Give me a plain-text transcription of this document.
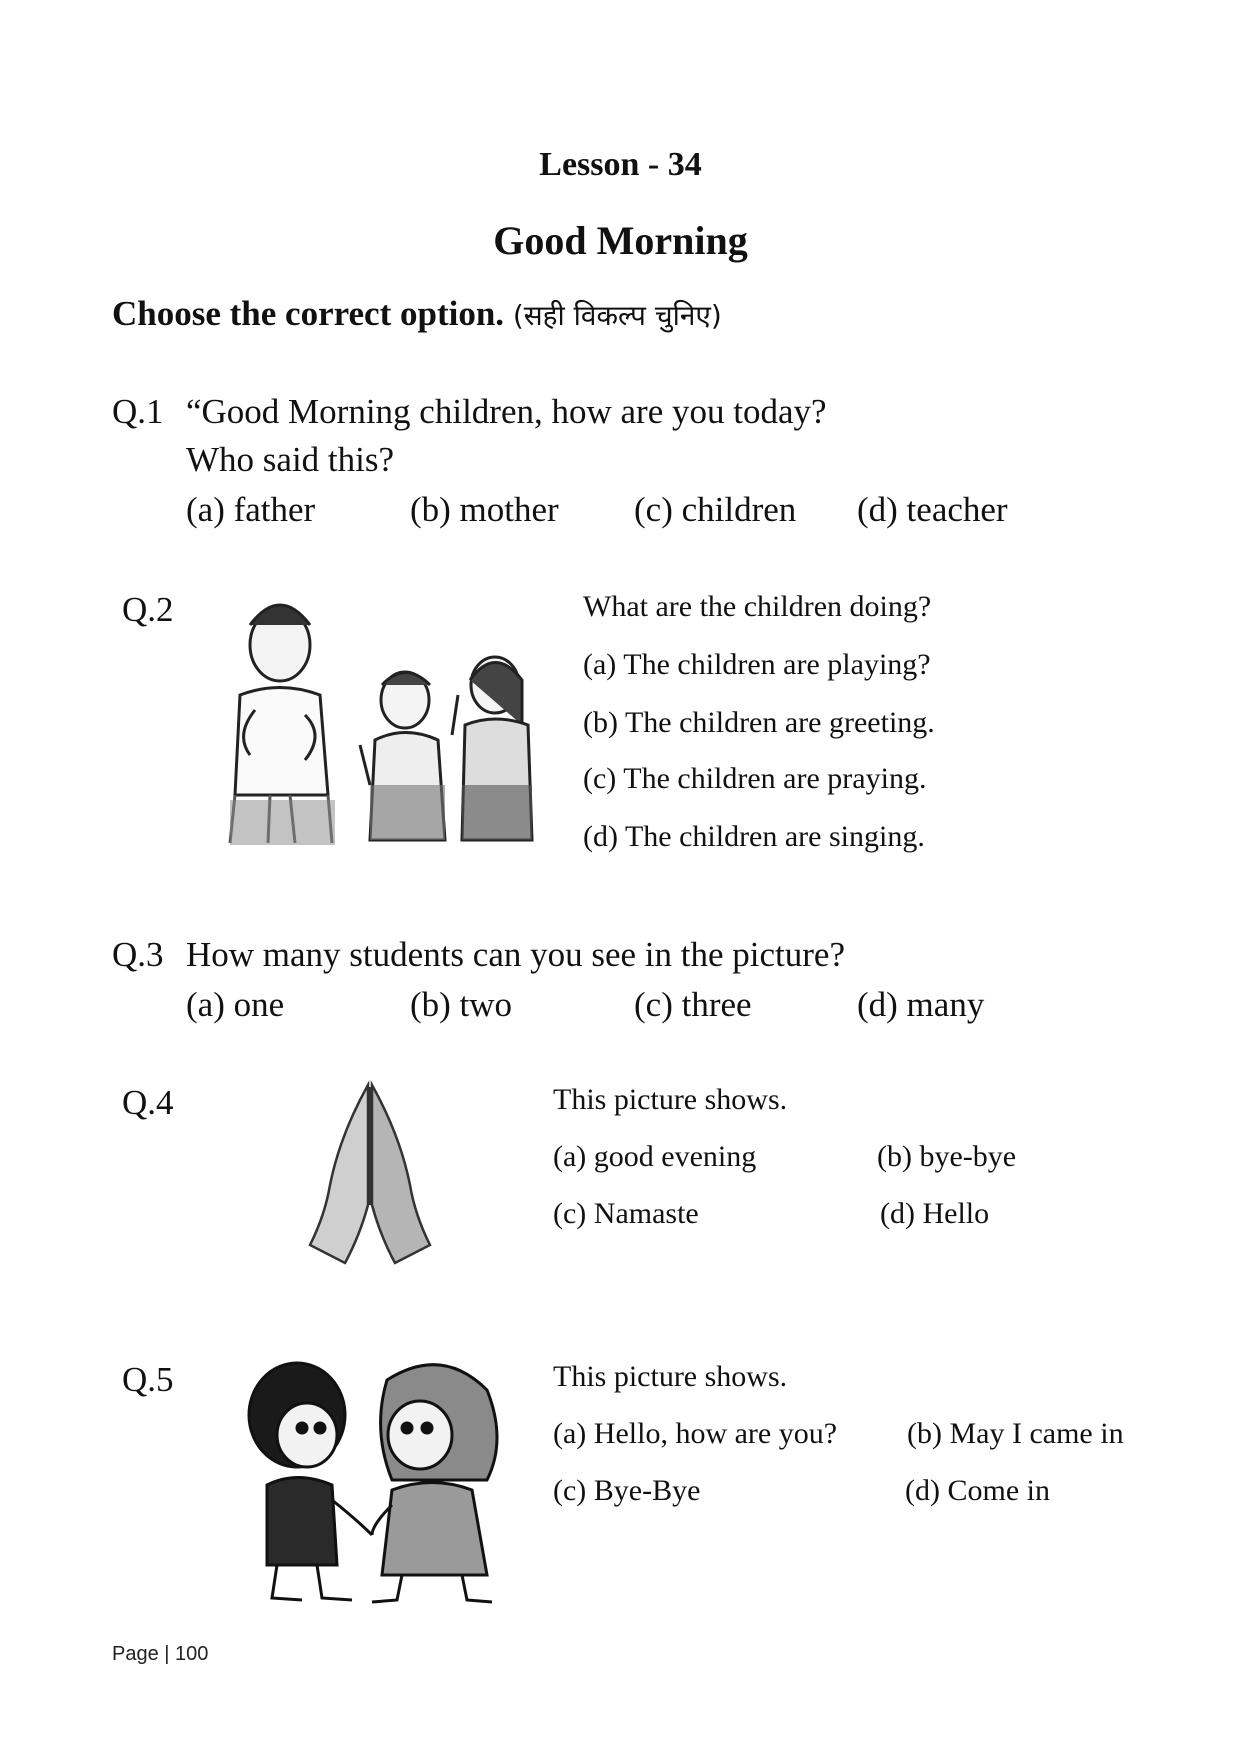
Lesson - 34
Good Morning
Choose the correct option. (सही विकल्प चुनिए)
Q.1 “Good Morning children, how are you today?
Who said this?
(a) father	(b) mother (c) children (d) teacher
Q.2	What are the children doing?
(a) The children are playing?
(b) The children are greeting.
(c) The children are praying.
(d) The children are singing.
Q.3 How many students can you see in the picture?
(a) one	(b) two	(c) three	(d) many
Q.4	This picture shows.
(a) good evening	(b) bye-bye
(c) Namaste	(d) Hello
Q.5	This picture shows.
(a) Hello, how are you? (b) May I came in
(c) Bye-Bye	(d) Come in
Page | 100
